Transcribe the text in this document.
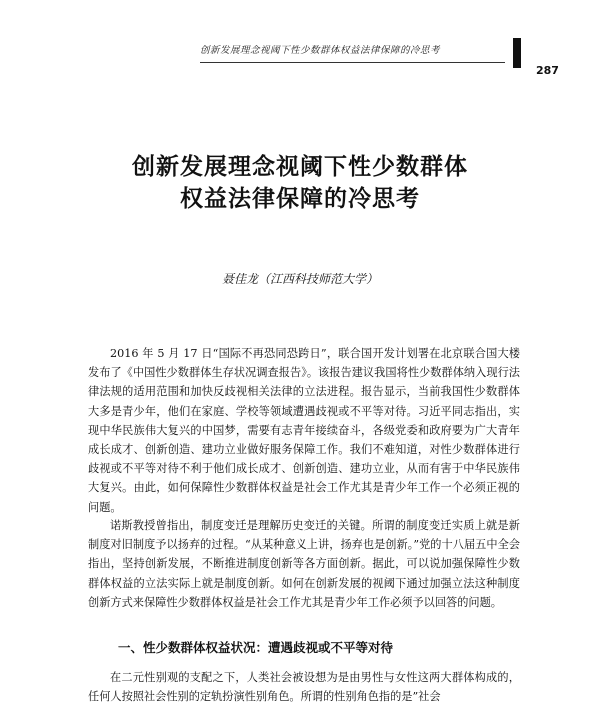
创新发展理念视阈下性少数群体权益法律保障的冷思考
287
创新发展理念视阈下性少数群体
权益法律保障的冷思考
聂佳龙（江西科技师范大学）
2016 年 5 月 17 日“国际不再恐同恐跨日”，联合国开发计划署在北京联合国大楼发布了《中国性少数群体生存状况调查报告》。该报告建议我国将性少数群体纳入现行法律法规的适用范围和加快反歧视相关法律的立法进程。报告显示，当前我国性少数群体大多是青少年，他们在家庭、学校等领域遭遇歧视或不平等对待。习近平同志指出，实现中华民族伟大复兴的中国梦，需要有志青年接续奋斗，各级党委和政府要为广大青年成长成才、创新创造、建功立业做好服务保障工作。我们不难知道，对性少数群体进行歧视或不平等对待不利于他们成长成才、创新创造、建功立业，从而有害于中华民族伟大复兴。由此，如何保障性少数群体权益是社会工作尤其是青少年工作一个必须正视的问题。
诺斯教授曾指出，制度变迁是理解历史变迁的关键。所谓的制度变迁实质上就是新制度对旧制度予以扬弃的过程。“从某种意义上讲，扬弃也是创新。”党的十八届五中全会指出，坚持创新发展，不断推进制度创新等各方面创新。据此，可以说加强保障性少数群体权益的立法实际上就是制度创新。如何在创新发展的视阈下通过加强立法这种制度创新方式来保障性少数群体权益是社会工作尤其是青少年工作必须予以回答的问题。
一、性少数群体权益状况：遭遇歧视或不平等对待
在二元性别观的支配之下，人类社会被设想为是由男性与女性这两大群体构成的，任何人按照社会性别的定轨扮演性别角色。所谓的性别角色指的是”社会
